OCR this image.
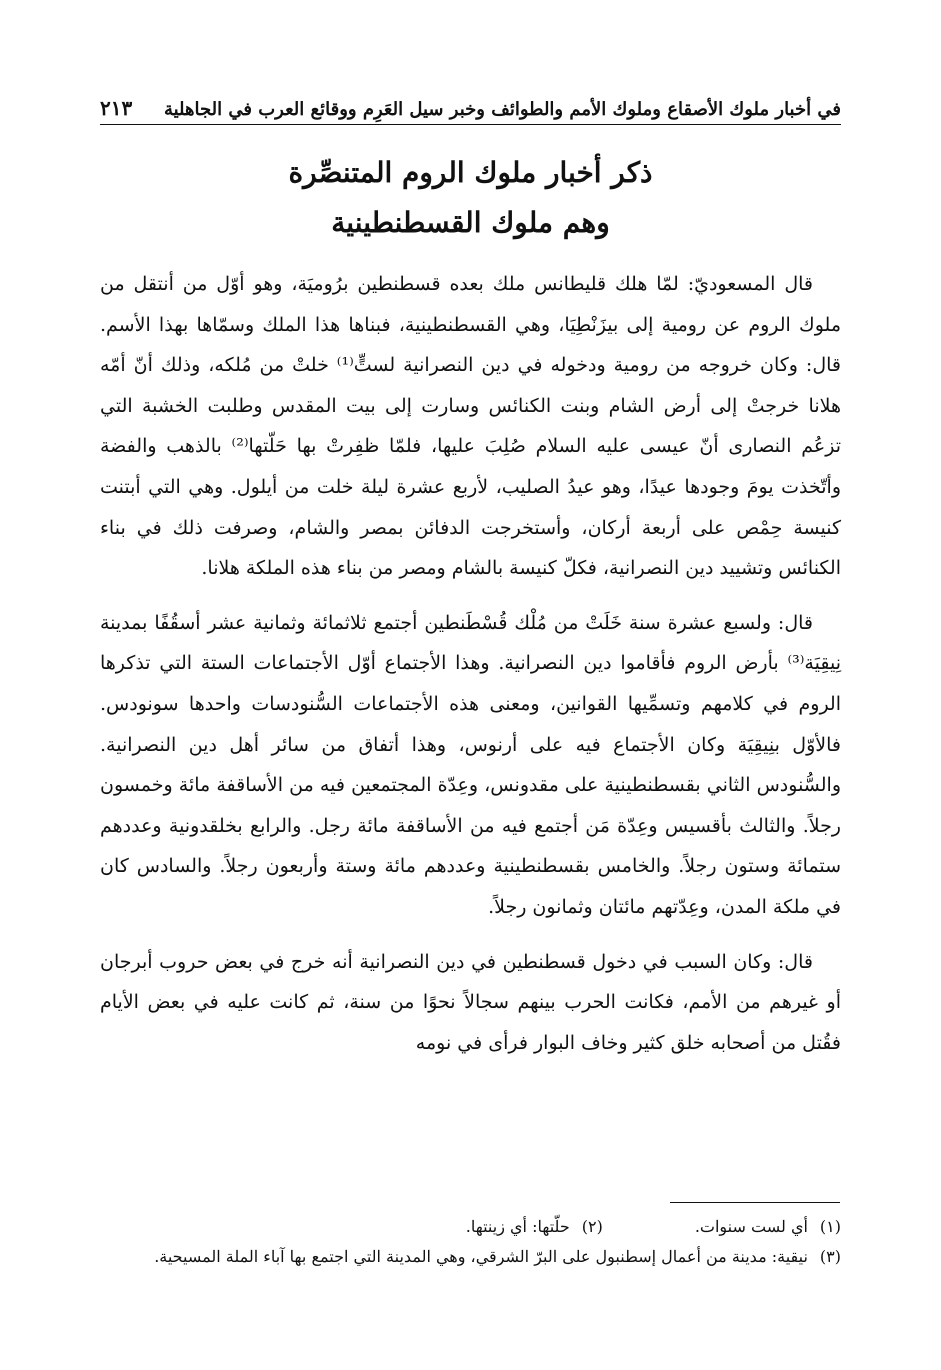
في أخبار ملوك الأصقاع وملوك الأمم والطوائف وخبر سيل العَرِم ووقائع العرب في الجاهلية
٢١٣
ذكر أخبار ملوك الروم المتنصِّرة
وهم ملوك القسطنطينية

قال المسعوديّ: لمّا هلك قليطانس ملك بعده قسطنطين برُوميَة، وهو أوّل من أنتقل من ملوك الروم عن رومية إلى بيزَنْطِيَا، وهي القسطنطينية، فبناها هذا الملك وسمّاها بهذا الأسم. قال: وكان خروجه من رومية ودخوله في دين النصرانية لستٍّ⁽¹⁾ خلتْ من مُلكه، وذلك أنّ أمّه هلانا خرجتْ إلى أرض الشام وبنت الكنائس وسارت إلى بيت المقدس وطلبت الخشبة التي تزعُم النصارى أنّ عيسى عليه السلام صُلِبَ عليها، فلمّا ظفِرتْ بها حَلّتها⁽²⁾ بالذهب والفضة وأتّخذت يومَ وجودها عيدًا، وهو عيدُ الصليب، لأربع عشرة ليلة خلت من أيلول. وهي التي أبتنت كنيسة حِمْص على أربعة أركان، وأستخرجت الدفائن بمصر والشام، وصرفت ذلك في بناء الكنائس وتشييد دين النصرانية، فكلّ كنيسة بالشام ومصر من بناء هذه الملكة هلانا.

قال: ولسبع عشرة سنة خَلَتْ من مُلْك قُسْطَنطين أجتمع ثلاثمائة وثمانية عشر أسقُفًا بمدينة نِيقِيَة⁽³⁾ بأرض الروم فأقاموا دين النصرانية. وهذا الأجتماع أوّل الأجتماعات الستة التي تذكرها الروم في كلامهم وتسمِّيها القوانين، ومعنى هذه الأجتماعات السُّنودسات واحدها سونودس. فالأوّل بنِيقِيَة وكان الأجتماع فيه على أرنوس، وهذا أتفاق من سائر أهل دين النصرانية. والسُّنودس الثاني بقسطنطينية على مقدونس، وعِدّة المجتمعين فيه من الأساقفة مائة وخمسون رجلاً. والثالث بأقسيس وعِدّة مَن أجتمع فيه من الأساقفة مائة رجل. والرابع بخلقدونية وعددهم ستمائة وستون رجلاً. والخامس بقسطنطينية وعددهم مائة وستة وأربعون رجلاً. والسادس كان في ملكة المدن، وعِدّتهم مائتان وثمانون رجلاً.

قال: وكان السبب في دخول قسطنطين في دين النصرانية أنه خرج في بعض حروب أبرجان أو غيرهم من الأمم، فكانت الحرب بينهم سجالاً نحوًا من سنة، ثم كانت عليه في بعض الأيام فقُتل من أصحابه خلق كثير وخاف البوار فرأى في نومه

(١)
أي لست سنوات.
(٢)
حلّتها: أي زينتها.
(٣)
نيقية: مدينة من أعمال إسطنبول على البرّ الشرقي، وهي المدينة التي اجتمع بها آباء الملة المسيحية.
